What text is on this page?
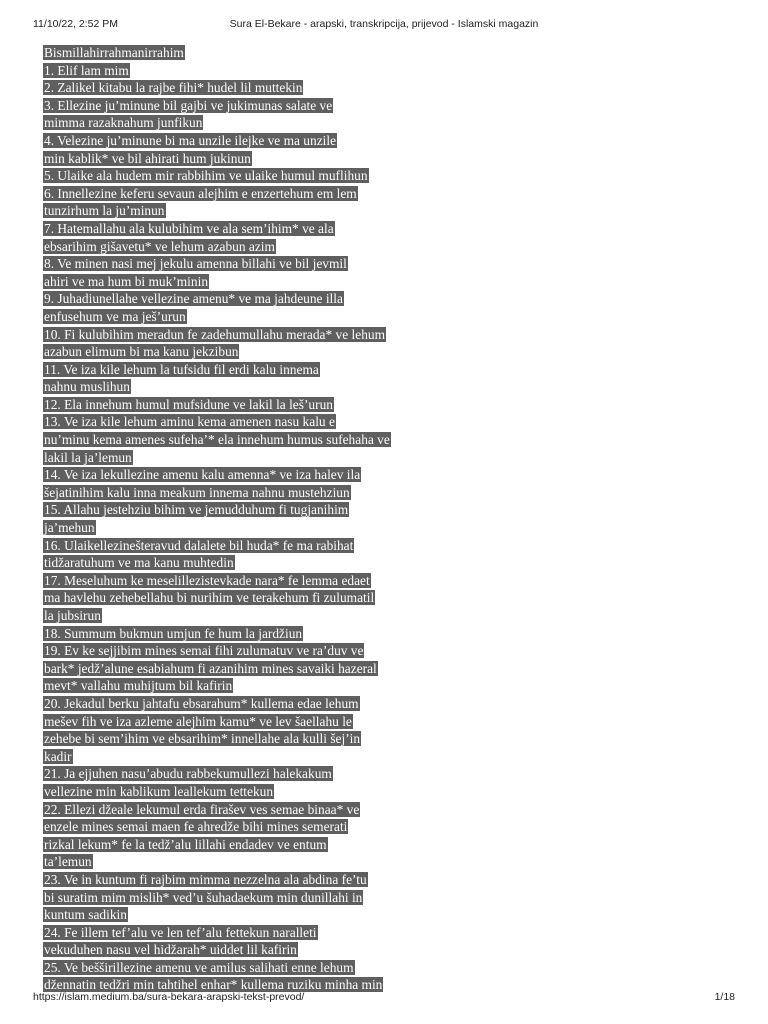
11/10/22, 2:52 PM	Sura El-Bekare - arapski, transkripcija, prijevod - Islamski magazin
Bismillahirrahmanirrahim
1. Elif lam mim
2. Zalikel kitabu la rajbe fihi* hudel lil muttekin
3. Ellezine ju’minune bil gajbi ve jukimunas salate ve
mimma razaknahum junfikun
4. Velezine ju’minune bi ma unzile ilejke ve ma unzile
min kablik* ve bil ahirati hum jukinun
5. Ulaike ala hudem mir rabbihim ve ulaike humul muflihun
6. Innellezine keferu sevaun alejhim e enzertehum em lem
tunzirhum la ju’minun
7. Hatemallahu ala kulubihim ve ala sem’ihim* ve ala
ebsarihim gišavetu* ve lehum azabun azim
8. Ve minen nasi mej jekulu amenna billahi ve bil jevmil
ahiri ve ma hum bi muk’minin
9. Juhadiunellahe vellezine amenu* ve ma jahdeune illa
enfusehum ve ma ješ’urun
10. Fi kulubihim meradun fe zadehumullahu merada* ve lehum
azabun elimum bi ma kanu jekzibun
11. Ve iza kile lehum la tufsidu fil erdi kalu innema
nahnu muslihun
12. Ela innehum humul mufsidune ve lakil la leš’urun
13. Ve iza kile lehum aminu kema amenen nasu kalu e
nu’minu kema amenes sufeha’* ela innehum humus sufehaha ve
lakil la ja’lemun
14. Ve iza lekullezine amenu kalu amenna* ve iza halev ila
šejatinihim kalu inna meakum innema nahnu mustehziun
15. Allahu jestehziu bihim ve jemudduhum fi tugjanihim
ja’mehun
16. Ulaikellezinešteravud dalalete bil huda* fe ma rabihat
tidžaratuhum ve ma kanu muhtedin
17. Meseluhum ke meselillezistevkade nara* fe lemma edaet
ma havlehu zehebellahu bi nurihim ve terakehum fi zulumatil
la jubsirun
18. Summum bukmun umjun fe hum la jardžiun
19. Ev ke sejjibim mines semai fihi zulumatuv ve ra’duv ve
bark* jedž’alune esabiahum fi azanihim mines savaiki hazeral
mevt* vallahu muhijtum bil kafirin
20. Jekadul berku jahtafu ebsarahum* kullema edae lehum
mešev fih ve iza azleme alejhim kamu* ve lev šaellahu le
zehebe bi sem’ihim ve ebsarihim* innellahe ala kulli šej’in
kadir
21. Ja ejjuhen nasu’abudu rabbekumullezi halekakum
vellezine min kablikum leallekum tettekun
22. Ellezi džeale lekumul erda firašev ves semae binaa* ve
enzele mines semai maen fe ahredže bihi mines semerati
rizkal lekum* fe la tedž’alu lillahi endadev ve entum
ta’lemun
23. Ve in kuntum fi rajbim mimma nezzelna ala abdina fe’tu
bi suratim mim mislih* ved’u šuhadaekum min dunillahi in
kuntum sadikin
24. Fe illem tef’alu ve len tef’alu fettekun naralleti
vekuduhen nasu vel hidžarah* uiddet lil kafirin
25. Ve bešširillezine amenu ve amilus salihati enne lehum
džennatin tedžri min tahtihel enhar* kullema ruziku minha min
https://islam.medium.ba/sura-bekara-arapski-tekst-prevod/	1/18
